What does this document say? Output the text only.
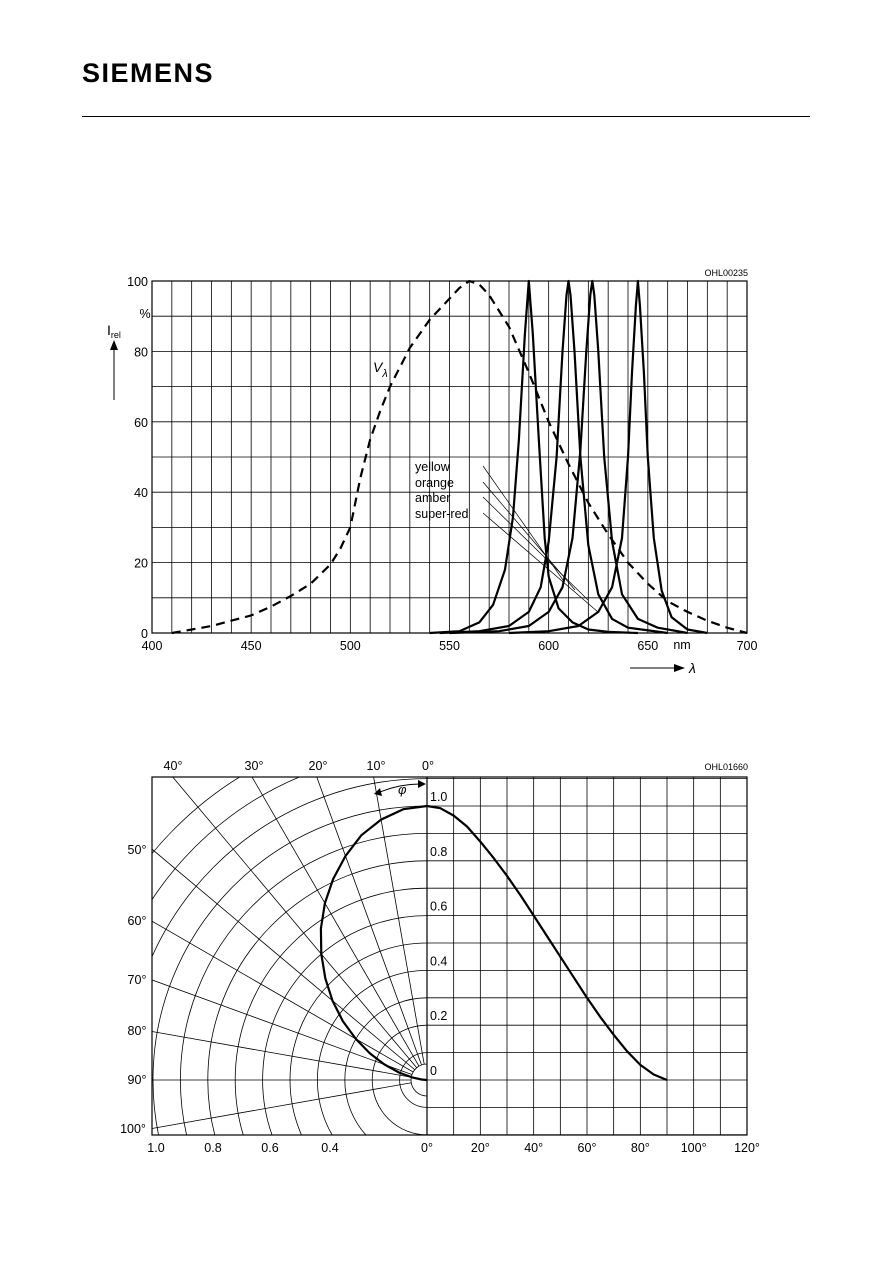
SIEMENS
OHL00235
%
$I_{rel}$
nm
λ
$V_\lambda$
yellow
orange
amber
super-red
OHL01660
φ
400	450	500	550	600	650	700
0
20
40
60
80
100
40°	30°	20°	10°	0°
50°
60°
70°
80°
90°
100°
1.0	0.8	0.6	0.4
1.0
0.8
0.6
0.4
0.2
0
0°	20°	40°	60°	80° 100° 120°
